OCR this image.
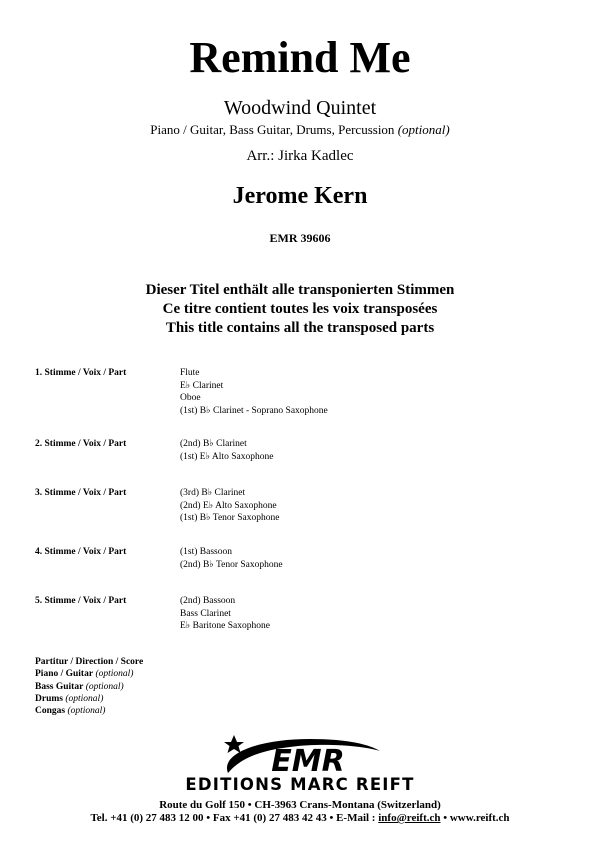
Remind Me
Woodwind Quintet
Piano / Guitar, Bass Guitar, Drums, Percussion (optional)
Arr.: Jirka Kadlec
Jerome Kern
EMR 39606
Dieser Titel enthält alle transponierten Stimmen
Ce titre contient toutes les voix transposées
This title contains all the transposed parts
1. Stimme / Voix / Part	Flute
E♭ Clarinet
Oboe
(1st) B♭ Clarinet - Soprano Saxophone
2. Stimme / Voix / Part	(2nd) B♭ Clarinet
(1st) E♭ Alto Saxophone
3. Stimme / Voix / Part	(3rd) B♭ Clarinet
(2nd) E♭ Alto Saxophone
(1st) B♭ Tenor Saxophone
4. Stimme / Voix / Part	(1st) Bassoon
(2nd) B♭ Tenor Saxophone
5. Stimme / Voix / Part	(2nd) Bassoon
Bass Clarinet
E♭ Baritone Saxophone
Partitur / Direction / Score
Piano / Guitar (optional)
Bass Guitar (optional)
Drums (optional)
Congas (optional)
EMR
EDITIONS MARC REIFT
Route du Golf 150 • CH-3963 Crans-Montana (Switzerland)
Tel. +41 (0) 27 483 12 00 • Fax +41 (0) 27 483 42 43 • E-Mail : info@reift.ch • www.reift.ch
